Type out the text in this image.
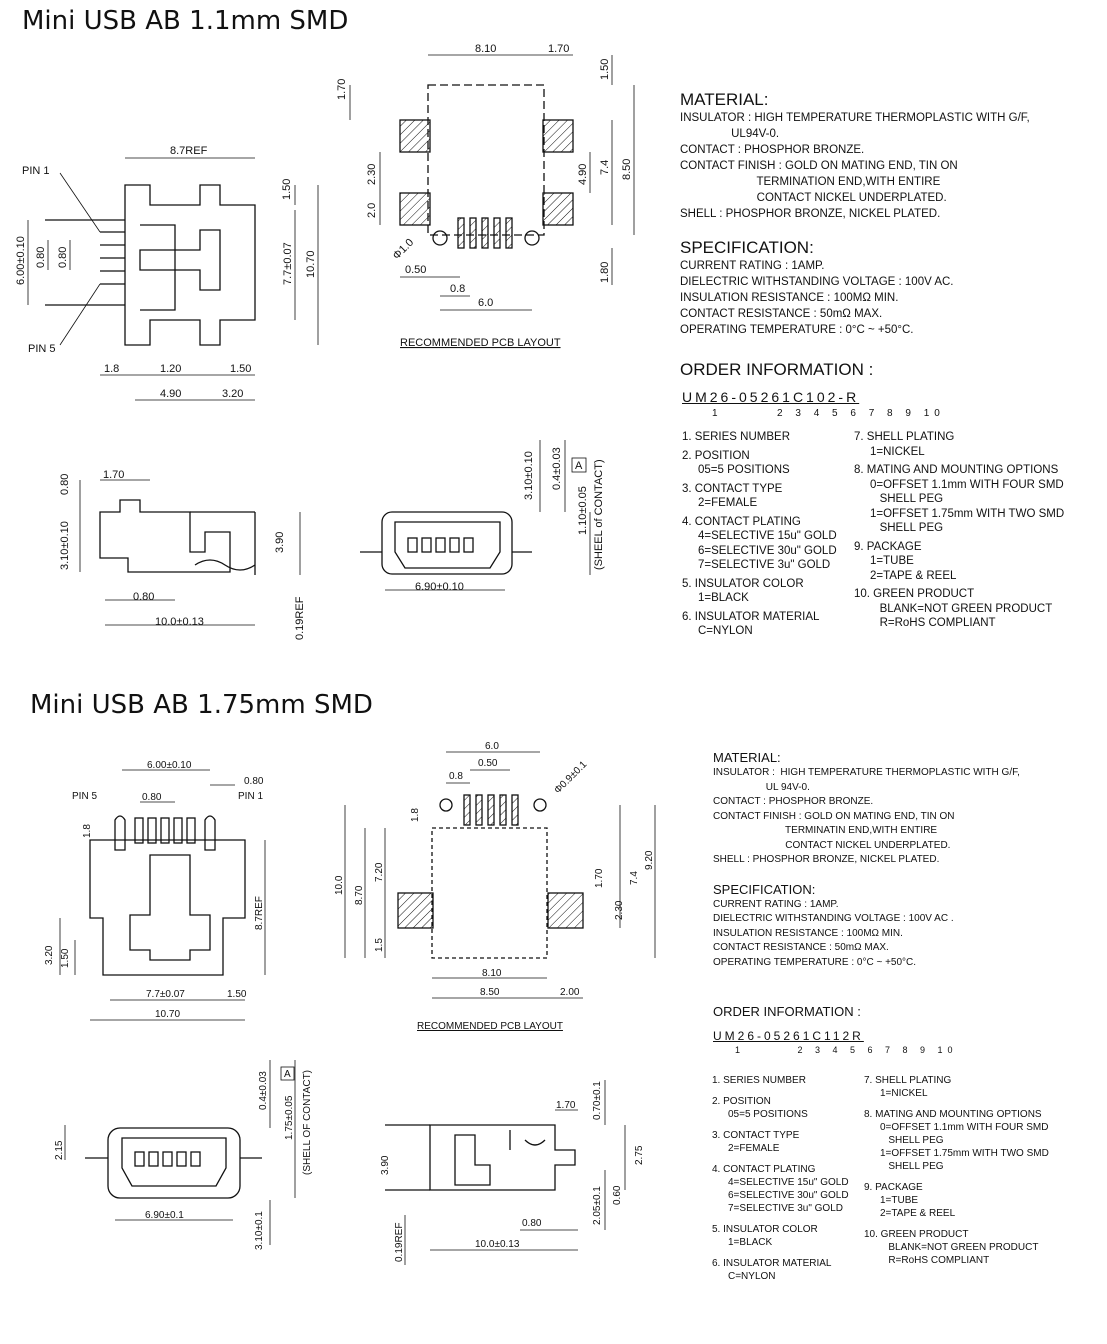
Mini USB AB 1.1mm SMD
Mini USB AB 1.75mm SMD
PIN 1
PIN 5
8.7REF
1.50
6.00±0.10 0.80 0.80	7.7±0.07 10.70
1.8	1.20	1.50
4.90	3.20
8.10	1.70
1.50
1.70
2.30
2.0
4.90 7.4 8.50
Φ1.0
0.50
0.8
6.0
1.80
RECOMMENDED PCB LAYOUT
1.70
0.80
3.10±0.10	3.90
0.80
10.0±0.13	0.19REF
3.10±0.10 0.4±0.03 A
1.10±0.05 (SHEEL of CONTACT)
6.90±0.10
6.00±0.10
0.80
PIN 5	PIN 1
0.80
1.8
8.7REF
3.20 1.50
7.7±0.07	1.50
10.70
6.0
0.50
0.8	Φ0.9±0.1
1.8
10.0
8.70
7.20
1.5
1.70
2.30
7.4
9.20
8.10
8.50	2.00
RECOMMENDED PCB LAYOUT
2.15
0.4±0.03 A
1.75±0.05 (SHELL OF CONTACT)
6.90±0.1	3.10±0.1
1.70 0.70±0.1
3.90
2.75
0.60
2.05±0.1
0.80
10.0±0.13
0.19REF
MATERIAL:
INSULATOR : HIGH TEMPERATURE THERMOPLASTIC WITH G/F,
UL94V-0.
CONTACT : PHOSPHOR BRONZE.
CONTACT FINISH : GOLD ON MATING END, TIN ON
TERMINATION END,WITH ENTIRE
CONTACT NICKEL UNDERPLATED.
SHELL : PHOSPHOR BRONZE, NICKEL PLATED.
SPECIFICATION:
CURRENT RATING : 1AMP.
DIELECTRIC WITHSTANDING VOLTAGE : 100V AC.
INSULATION RESISTANCE : 100MΩ MIN.
CONTACT RESISTANCE : 50mΩ MAX.
OPERATING TEMPERATURE : 0°C ~ +50°C.
ORDER INFORMATION :
UM26-05261C102-R
1       2 3 4 5 6 7 8 9 10
1. SERIES NUMBER
2. POSITION
05=5 POSITIONS
3. CONTACT TYPE
2=FEMALE
4. CONTACT PLATING
4=SELECTIVE 15u" GOLD
6=SELECTIVE 30u" GOLD
7=SELECTIVE 3u" GOLD
5. INSULATOR COLOR
1=BLACK
6. INSULATOR MATERIAL
C=NYLON
7. SHELL PLATING
1=NICKEL
8. MATING AND MOUNTING OPTIONS
0=OFFSET 1.1mm WITH FOUR SMD
SHELL PEG
1=OFFSET 1.75mm WITH TWO SMD
SHELL PEG
9. PACKAGE
1=TUBE
2=TAPE & REEL
10. GREEN PRODUCT
BLANK=NOT GREEN PRODUCT
R=RoHS COMPLIANT
MATERIAL:
INSULATOR :  HIGH TEMPERATURE THERMOPLASTIC WITH G/F,
UL 94V-0.
CONTACT : PHOSPHOR BRONZE.
CONTACT FINISH : GOLD ON MATING END, TIN ON
TERMINATIN END,WITH ENTIRE
CONTACT NICKEL UNDERPLATED.
SHELL : PHOSPHOR BRONZE, NICKEL PLATED.
SPECIFICATION:
CURRENT RATING : 1AMP.
DIELECTRIC WITHSTANDING VOLTAGE : 100V AC .
INSULATION RESISTANCE : 100MΩ MIN.
CONTACT RESISTANCE : 50mΩ MAX.
OPERATING TEMPERATURE : 0°C ~ +50°C.
ORDER INFORMATION :
UM26-05261C112R
1       2 3 4 5 6 7 8 9 10
1. SERIES NUMBER
2. POSITION
05=5 POSITIONS
3. CONTACT TYPE
2=FEMALE
4. CONTACT PLATING
4=SELECTIVE 15u" GOLD
6=SELECTIVE 30u" GOLD
7=SELECTIVE 3u" GOLD
5. INSULATOR COLOR
1=BLACK
6. INSULATOR MATERIAL
C=NYLON
7. SHELL PLATING
1=NICKEL
8. MATING AND MOUNTING OPTIONS
0=OFFSET 1.1mm WITH FOUR SMD
SHELL PEG
1=OFFSET 1.75mm WITH TWO SMD
SHELL PEG
9. PACKAGE
1=TUBE
2=TAPE & REEL
10. GREEN PRODUCT
BLANK=NOT GREEN PRODUCT
R=RoHS COMPLIANT
